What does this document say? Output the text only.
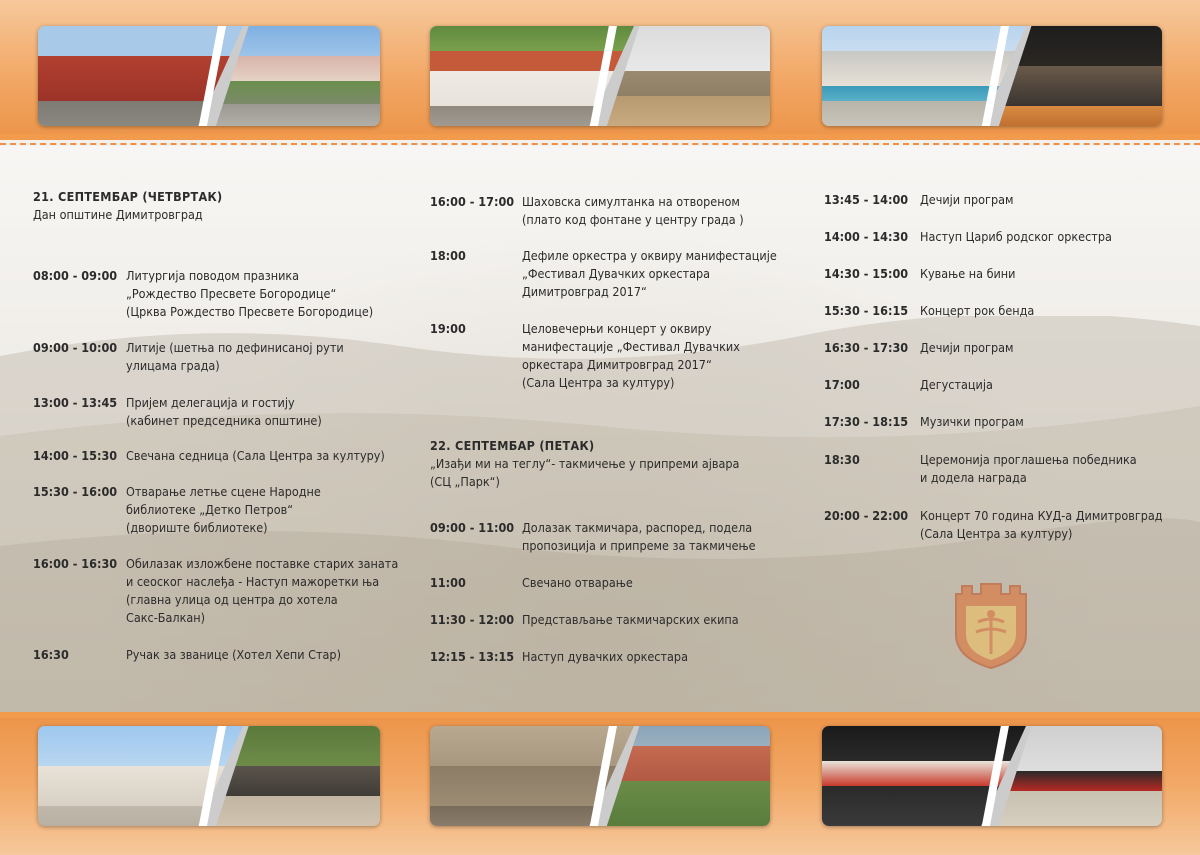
21. СЕПТЕМБАР (ЧЕТВРТАК)
Дан општине Димитровград
08:00 - 09:00 Литургија поводом празника
„Рождество Пресвете Богородице“
(Црква Рождество Пресвете Богородице)
09:00 - 10:00 Литије (шетња по дефинисаној рути
улицама града)
13:00 - 13:45 Пријем делегација и гостију
(кабинет председника општине)
14:00 - 15:30 Свечана седница (Сала Центра за културу)
15:30 - 16:00 Отварање летње сцене Народне
библиотеке „Детко Петров“
(двориште библиотеке)
16:00 - 16:30 Обилазак изложбене поставке старих заната
и сеоског наслеђа - Наступ мажоретки ња
(главна улица од центра до хотела
Сакс-Балкан)
16:30	Ручак за званице (Хотел Хепи Стар)
16:00 - 17:00 Шаховска симултанка на отвореном
(плато код фонтане у центру града )
18:00	Дефиле оркестра у оквиру манифестације
„Фестивал Дувачких оркестара
Димитровград 2017“
19:00	Целовечерњи концерт у оквиру
манифестације „Фестивал Дувачких
оркестара Димитровград 2017“
(Сала Центра за културу)
22. СЕПТЕМБАР (ПЕТАК)
„Изађи ми на теглу“- такмичење у припреми ајвара
(СЦ „Парк“)
09:00 - 11:00 Долазак такмичара, распоред, подела
пропозиција и припреме за такмичење
11:00	Свечано отварање
11:30 - 12:00 Представљање такмичарских екипа
12:15 - 13:15 Наступ дувачких оркестара
13:45 - 14:00 Дечији програм
14:00 - 14:30 Наступ Цариб родског оркестра
14:30 - 15:00 Кување на бини
15:30 - 16:15 Концерт рок бенда
16:30 - 17:30 Дечији програм
17:00	Дегустација
17:30 - 18:15 Музички програм
18:30	Церемонија проглашења победника
и додела награда
20:00 - 22:00 Концерт 70 година КУД-а Димитровград
(Сала Центра за културу)
